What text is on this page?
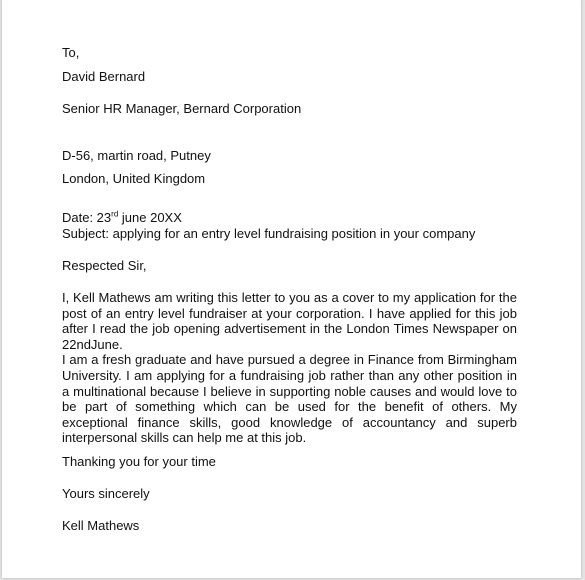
To,
David Bernard
Senior HR Manager, Bernard Corporation
D-56, martin road, Putney
London, United Kingdom
Date: 23rd june 20XX
Subject: applying for an entry level fundraising position in your company
Respected Sir,

I, Kell Mathews am writing this letter to you as a cover to my application for the post of an entry level fundraiser at your corporation. I have applied for this job after I read the job opening advertisement in the London Times Newspaper on 22ndJune.

I am a fresh graduate and have pursued a degree in Finance from Birmingham University. I am applying for a fundraising job rather than any other position in a multinational because I believe in supporting noble causes and would love to be part of something which can be used for the benefit of others. My exceptional finance skills, good knowledge of accountancy and superb interpersonal skills can help me at this job.

Thanking you for your time
Yours sincerely
Kell Mathews
